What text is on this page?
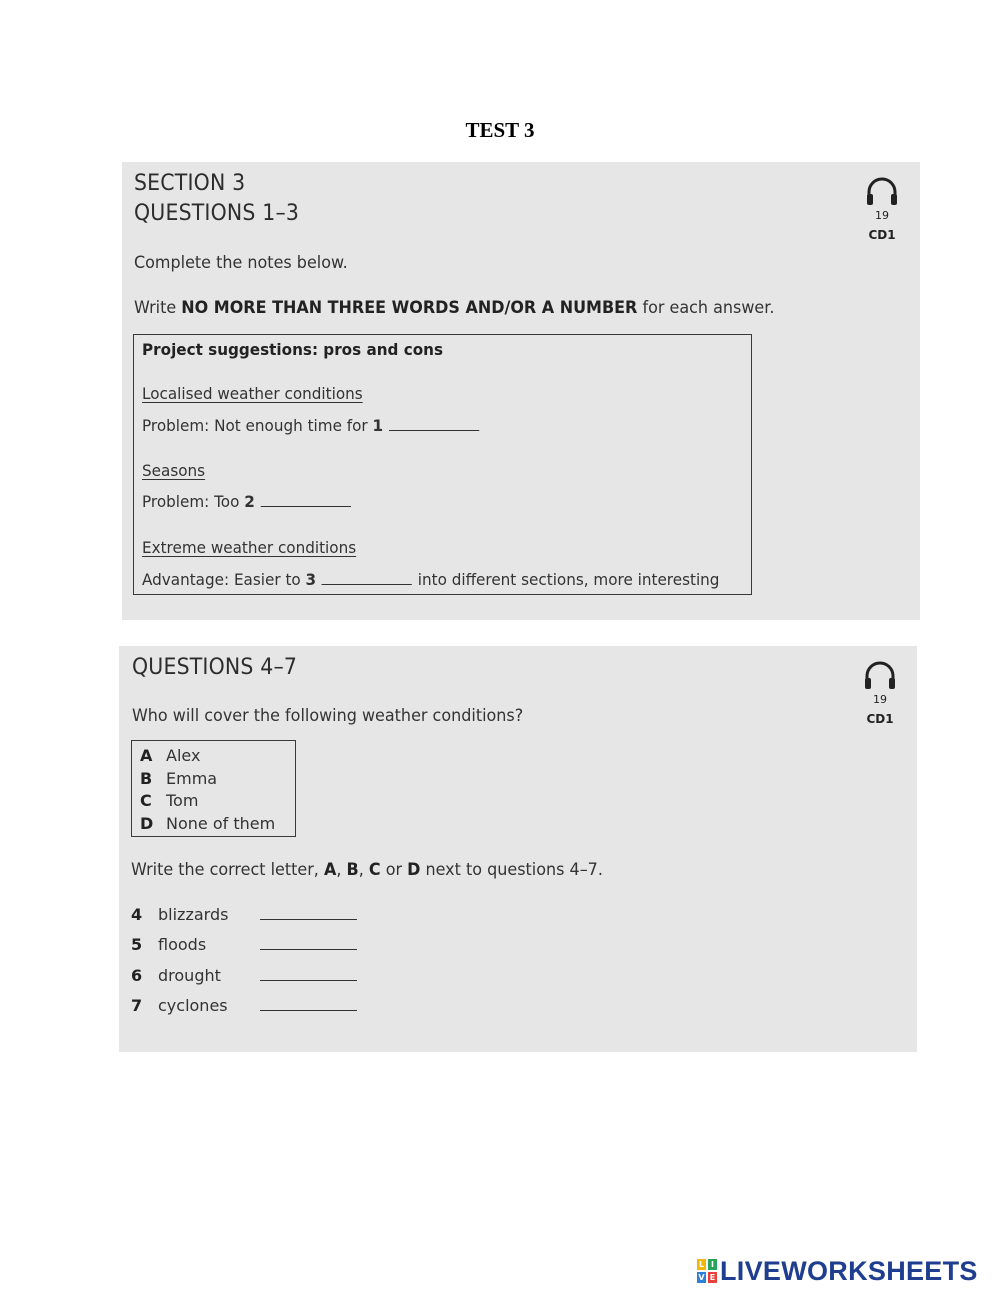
TEST 3
SECTION 3
QUESTIONS 1–3	19
CD1
Complete the notes below.
Write NO MORE THAN THREE WORDS AND/OR A NUMBER for each answer.
Project suggestions: pros and cons
Localised weather conditions
Problem: Not enough time for 1
Seasons
Problem: Too 2
Extreme weather conditions
Advantage: Easier to 3	into different sections, more interesting
QUESTIONS 4–7
19
CD1
Who will cover the following weather conditions?
A Alex
B Emma
C Tom
D None of them
Write the correct letter, A, B, C or D next to questions 4–7.
4 blizzards
5 floods
6 drought
7 cyclones
L I
V E LIVEWORKSHEETS
